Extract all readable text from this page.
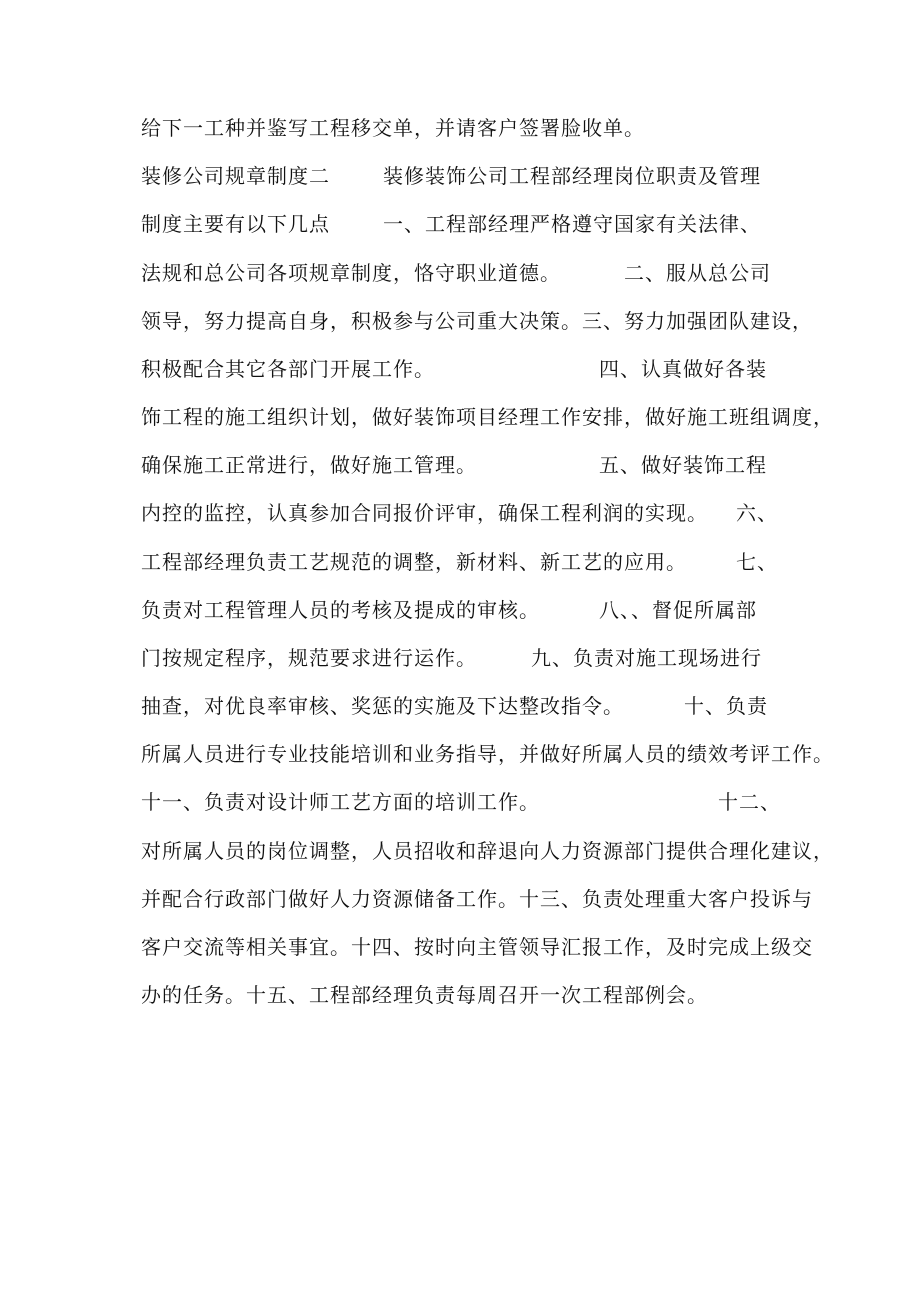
给下一工种并鉴写工程移交单，并请客户签署脸收单。
装修公司规章制度二	装修装饰公司工程部经理岗位职责及管理
制度主要有以下几点	一、工程部经理严格遵守国家有关法律、
法规和总公司各项规章制度，恪守职业道德。	二、服从总公司
领导，努力提高自身，积极参与公司重大决策。三、努力加强团队建设，
积极配合其它各部门开展工作。	四、认真做好各装
饰工程的施工组织计划，做好装饰项目经理工作安排，做好施工班组调度，
确保施工正常进行，做好施工管理。	五、做好装饰工程
内控的监控，认真参加合同报价评审，确保工程利润的实现。 六、
工程部经理负责工艺规范的调整，新材料、新工艺的应用。 七、
负责对工程管理人员的考核及提成的审核。	八、、督促所属部
门按规定程序，规范要求进行运作。	九、负责对施工现场进行
抽查，对优良率审核、奖惩的实施及下达整改指令。	十、负责
所属人员进行专业技能培训和业务指导，并做好所属人员的绩效考评工作。
十一、负责对设计师工艺方面的培训工作。	十二、
对所属人员的岗位调整，人员招收和辞退向人力资源部门提供合理化建议，
并配合行政部门做好人力资源储备工作。十三、负责处理重大客户投诉与
客户交流等相关事宜。十四、按时向主管领导汇报工作，及时完成上级交
办的任务。十五、工程部经理负责每周召开一次工程部例会。
